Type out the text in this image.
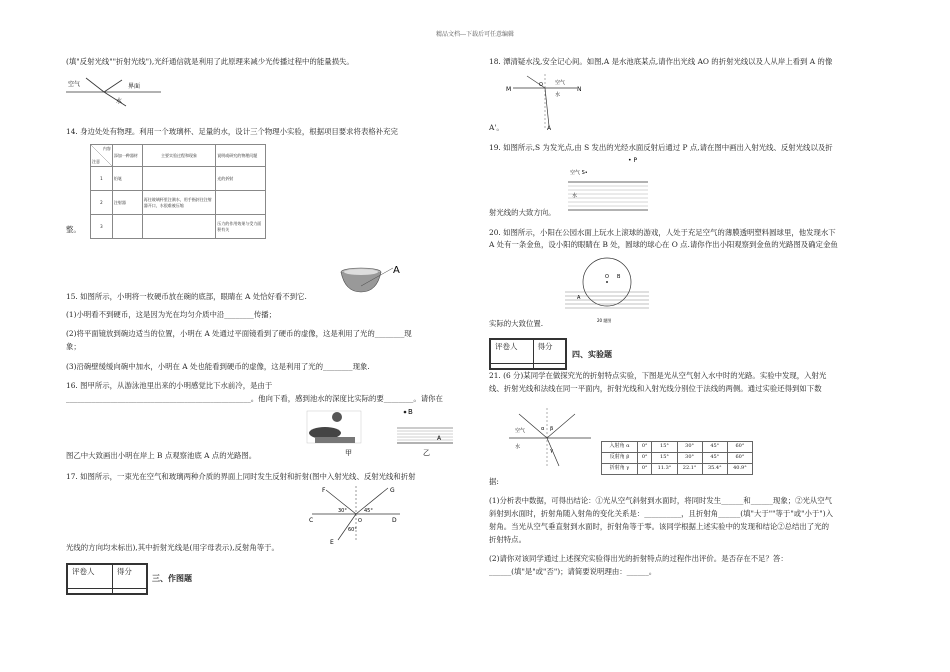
精品文档---下载后可任意编辑
(填"反射光线""折射光线"),光纤通信就是利用了此原理来减少光传播过程中的能量损失。
空气	界面
水
14. 身边处处有物理。利用一个玻璃杯、足量的水，设计三个物理小实验，根据项目要求将表格补充完
内容
注意	添加一种器材	主要实验过程和现象	说明或研究的物理问题
1	铅笔		光的折射
2	注射器	再往玻璃杯里注满水，用手指封住注射器开口，水很难被压缩	
3			压力的作用效果与受力面积有关
整。
A
15. 如图所示，小明将一枚硬币放在碗的底部，眼睛在 A 处恰好看不到它.
(1)小明看不到硬币，这是因为光在均匀介质中沿________传播；
(2)将平面镜放到碗边适当的位置，小明在 A 处通过平面镜看到了硬币的虚像，这是利用了光的________现
象；
(3)沿碗壁缓缓向碗中加水，小明在 A 处也能看到硬币的虚像，这是利用了光的________现象.
16. 图甲所示，从游泳池里出来的小明感觉比下水前冷，是由于
__________________________________________________。他向下看，感到池水的深度比实际的要________。请你在
甲
B
A
乙
图乙中大致画出小明在岸上 B 点观察池底 A 点的光路图。
17. 如图所示，一束光在空气和玻璃两种介质的界面上同时发生反射和折射(图中入射光线、反射光线和折射
F	G
C	D
E
O
30°	45°
60°
光线的方向均未标出),其中折射光线是(用字母表示),反射角等于。
评卷人	得分

三、作图题
18. 潭清疑水浅,安全记心间。如图,A 是水池底某点,请作出光线 AO 的折射光线以及人从岸上看到 A 的像
M
O
N
空气
水
A
A'。
19. 如图所示,S 为发光点,由 S 发出的光经水面反射后通过 P 点,请在图中画出入射光线、反射光线以及折
• P
空气 S•
水
射光线的大致方向。
20. 如图所示，小阳在公园水面上玩水上滚球的游戏，人处于充足空气的薄膜透明塑料圆球里，他发现水下
A 处有一条金鱼，设小阳的眼睛在 B 处，圆球的球心在 O 点.请你作出小阳观察到金鱼的光路图及确定金鱼
O B
A
20 题图
实际的大致位置.
评卷人	得分

四、实验题
21. (6 分)某同学在做探究光的折射特点实验，下图是光从空气射入水中时的光路。实验中发现，入射光
线、折射光线和法线在同一平面内，折射光线和入射光线分别位于法线的两侧。通过实验还得到如下数
空气
水
α β
γ
入射角 α	0°	15°	30°	45°	60°
反射角 β	0°	15°	30°	45°	60°
折射角 γ	0°	11.3°	22.1°	35.4°	40.9°
据:
(1)分析表中数据，可得出结论：①光从空气斜射到水面时，将同时发生______和______现象；②光从空气
斜射到水面时，折射角随入射角的变化关系是：__________，且折射角______(填"大于""等于"或"小于")入
射角。当光从空气垂直射到水面时，折射角等于零。该同学根据上述实验中的发现和结论②总结出了光的
折射特点。
(2)请你对该同学通过上述探究实验得出光的折射特点的过程作出评价。是否存在不足？答：
______(填"是"或"否")；请简要说明理由：______。
